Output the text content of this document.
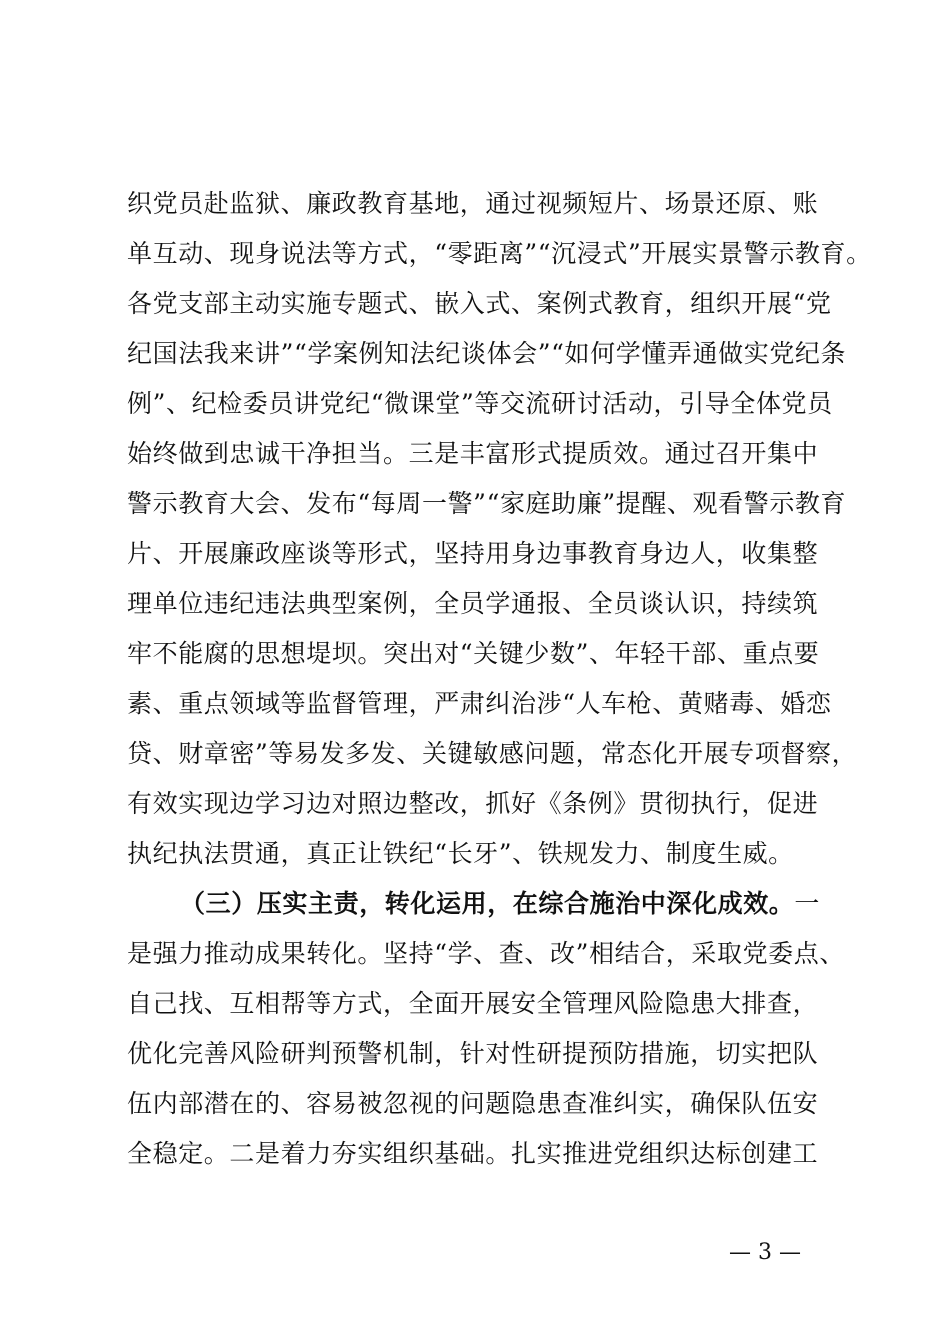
织党员赴监狱、廉政教育基地，通过视频短片、场景还原、账
单互动、现身说法等方式，“零距离”“沉浸式”开展实景警示教育。
各党支部主动实施专题式、嵌入式、案例式教育，组织开展“党
纪国法我来讲”“学案例知法纪谈体会”“如何学懂弄通做实党纪条
例”、纪检委员讲党纪“微课堂”等交流研讨活动，引导全体党员
始终做到忠诚干净担当。三是丰富形式提质效。通过召开集中
警示教育大会、发布“每周一警”“家庭助廉”提醒、观看警示教育
片、开展廉政座谈等形式，坚持用身边事教育身边人，收集整
理单位违纪违法典型案例，全员学通报、全员谈认识，持续筑
牢不能腐的思想堤坝。突出对“关键少数”、年轻干部、重点要
素、重点领域等监督管理，严肃纠治涉“人车枪、黄赌毒、婚恋
贷、财章密”等易发多发、关键敏感问题，常态化开展专项督察，
有效实现边学习边对照边整改，抓好《条例》贯彻执行，促进
执纪执法贯通，真正让铁纪“长牙”、铁规发力、制度生威。
（三）压实主责，转化运用，在综合施治中深化成效。一
是强力推动成果转化。坚持“学、查、改”相结合，采取党委点、
自己找、互相帮等方式，全面开展安全管理风险隐患大排查，
优化完善风险研判预警机制，针对性研提预防措施，切实把队
伍内部潜在的、容易被忽视的问题隐患查准纠实，确保队伍安
全稳定。二是着力夯实组织基础。扎实推进党组织达标创建工
— 3 —
